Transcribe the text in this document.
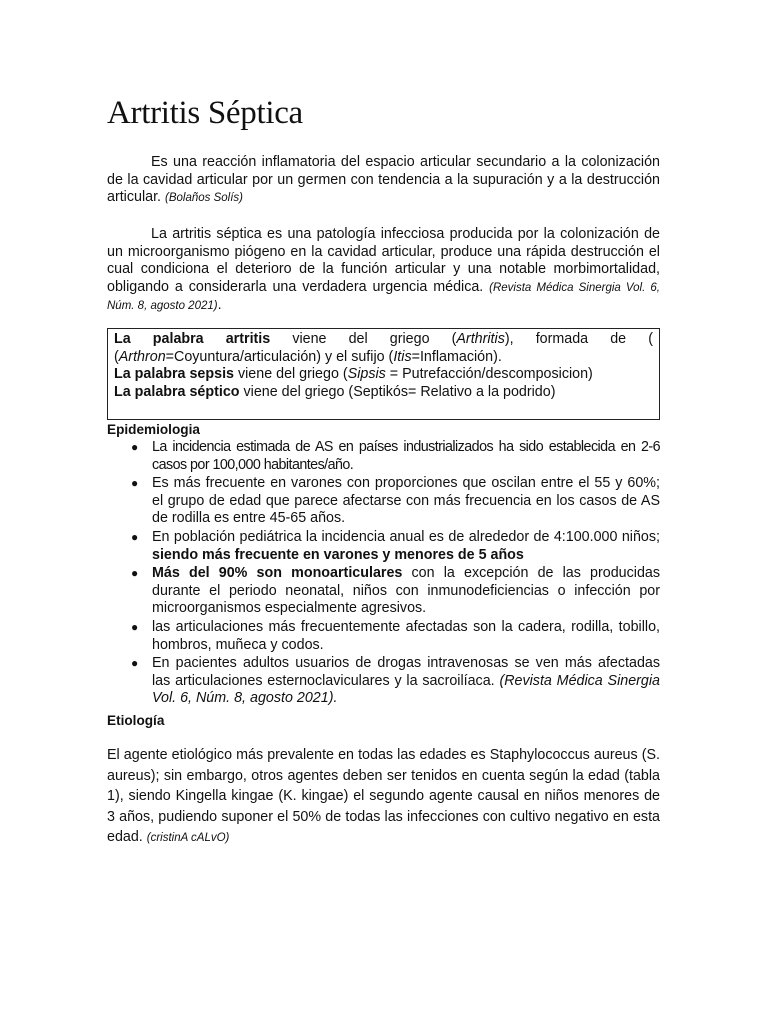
Artritis Séptica
Es una reacción inflamatoria del espacio articular secundario a la colonización de la cavidad articular por un germen con tendencia a la supuración y a la destrucción articular. (Bolaños Solís)
La artritis séptica es una patología infecciosa producida por la colonización de un microorganismo piógeno en la cavidad articular, produce una rápida destrucción el cual condiciona el deterioro de la función articular y una notable morbimortalidad, obligando a considerarla una verdadera urgencia médica. (Revista Médica Sinergia Vol. 6, Núm. 8, agosto 2021).
La palabra artritis viene del griego (Arthritis), formada de (
(Arthron=Coyuntura/articulación) y el sufijo (Itis=Inflamación).
La palabra sepsis viene del griego (Sipsis = Putrefacción/descomposicion)
La palabra séptico viene del griego (Septikós= Relativo a la podrido)
Epidemiologia
● La incidencia estimada de AS en países industrializados ha sido establecida en 2-6 casos por 100,000 habitantes/año.
● Es más frecuente en varones con proporciones que oscilan entre el 55 y 60%; el grupo de edad que parece afectarse con más frecuencia en los casos de AS de rodilla es entre 45-65 años.
● En población pediátrica la incidencia anual es de alrededor de 4:100.000 niños; siendo más frecuente en varones y menores de 5 años
● Más del 90% son monoarticulares con la excepción de las producidas durante el periodo neonatal, niños con inmunodeficiencias o infección por microorganismos especialmente agresivos.
● las articulaciones más frecuentemente afectadas son la cadera, rodilla, tobillo, hombros, muñeca y codos.
● En pacientes adultos usuarios de drogas intravenosas se ven más afectadas las articulaciones esternoclaviculares y la sacroilíaca. (Revista Médica Sinergia Vol. 6, Núm. 8, agosto 2021).
Etiología
El agente etiológico más prevalente en todas las edades es Staphylococcus aureus (S. aureus); sin embargo, otros agentes deben ser tenidos en cuenta según la edad (tabla 1), siendo Kingella kingae (K. kingae) el segundo agente causal en niños menores de 3 años, pudiendo suponer el 50% de todas las infecciones con cultivo negativo en esta edad. (cristinA cALvO)
